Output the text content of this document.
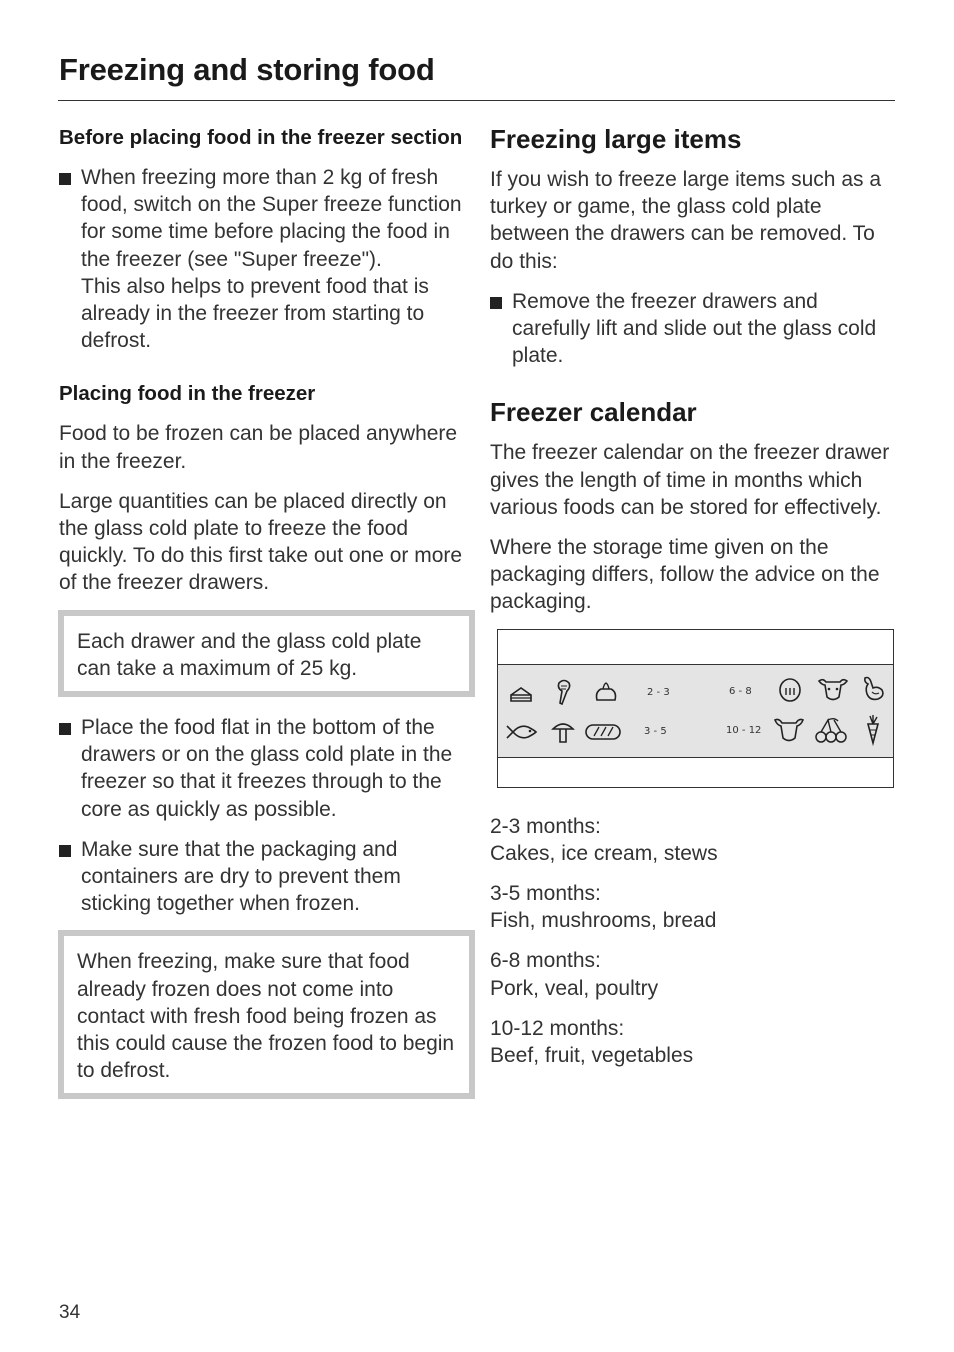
Freezing and storing food
Before placing food in the freezer section

When freezing more than 2 kg of fresh food, switch on the Super freeze function for some time before placing the food in the freezer (see "Super freeze").

This also helps to prevent food that is already in the freezer from starting to defrost.

Placing food in the freezer

Food to be frozen can be placed anywhere in the freezer.

Large quantities can be placed directly on the glass cold plate to freeze the food quickly. To do this first take out one or more of the freezer drawers.

Each drawer and the glass cold plate can take a maximum of 25 kg.

Place the food flat in the bottom of the drawers or on the glass cold plate in the freezer so that it freezes through to the core as quickly as possible.

Make sure that the packaging and containers are dry to prevent them sticking together when frozen.

When freezing, make sure that food already frozen does not come into contact with fresh food being frozen as this could cause the frozen food to begin to defrost.

Freezing large items

If you wish to freeze large items such as a turkey or game, the glass cold plate between the drawers can be removed. To do this:

Remove the freezer drawers and carefully lift and slide out the glass cold plate.

Freezer calendar

The freezer calendar on the freezer drawer gives the length of time in months which various foods can be stored for effectively.

Where the storage time given on the packaging differs, follow the advice on the packaging.

2 - 3	6 - 8
3 - 5	10 - 12

2-3 months:
Cakes, ice cream, stews

3-5 months:
Fish, mushrooms, bread

6-8 months:
Pork, veal, poultry

10-12 months:
Beef, fruit, vegetables

34
